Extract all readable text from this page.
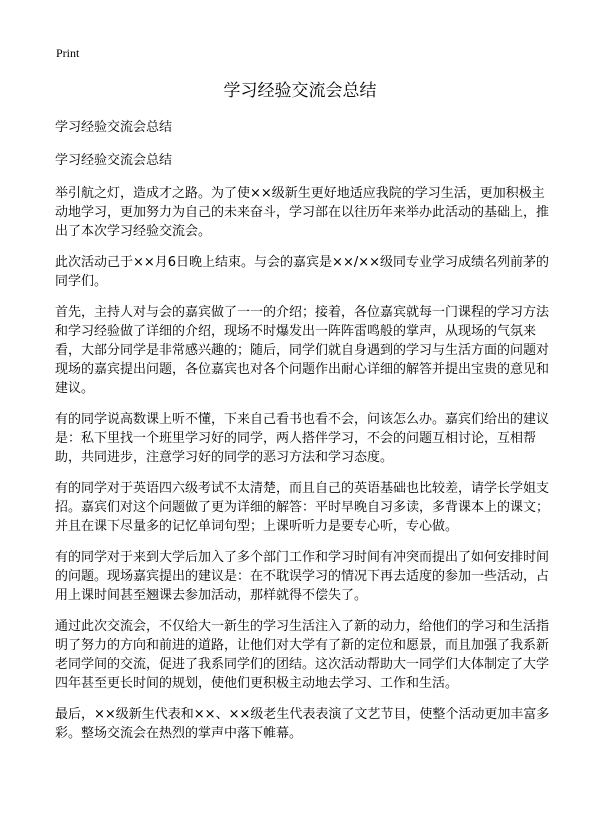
Print
学习经验交流会总结

学习经验交流会总结

学习经验交流会总结

举引航之灯，造成才之路。为了使××级新生更好地适应我院的学习生活，更加积极主动地学习，更加努力为自己的未来奋斗，学习部在以往历年来举办此活动的基础上，推出了本次学习经验交流会。

此次活动己于××月6日晚上结束。与会的嘉宾是××/××级同专业学习成绩名列前茅的同学们。

首先，主持人对与会的嘉宾做了一一的介绍；接着，各位嘉宾就每一门课程的学习方法和学习经验做了详细的介绍，现场不时爆发出一阵阵雷鸣般的掌声，从现场的气氛来看，大部分同学是非常感兴趣的；随后，同学们就自身遇到的学习与生活方面的问题对现场的嘉宾提出问题，各位嘉宾也对各个问题作出耐心详细的解答并提出宝贵的意见和建议。

有的同学说高数课上听不懂，下来自己看书也看不会，问该怎么办。嘉宾们给出的建议是：私下里找一个班里学习好的同学，两人搭伴学习，不会的问题互相讨论，互相帮助，共同进步，注意学习好的同学的恶习方法和学习态度。

有的同学对于英语四六级考试不太清楚，而且自己的英语基础也比较差，请学长学姐支招。嘉宾们对这个问题做了更为详细的解答：平时早晚自习多读，多背课本上的课文；并且在课下尽量多的记忆单词句型；上课听听力是要专心听，专心做。

有的同学对于来到大学后加入了多个部门工作和学习时间有冲突而提出了如何安排时间的问题。现场嘉宾提出的建议是：在不耽误学习的情况下再去适度的参加一些活动，占用上课时间甚至翘课去参加活动，那样就得不偿失了。

通过此次交流会，不仅给大一新生的学习生活注入了新的动力，给他们的学习和生活指明了努力的方向和前进的道路，让他们对大学有了新的定位和愿景，而且加强了我系新老同学间的交流，促进了我系同学们的团结。这次活动帮助大一同学们大体制定了大学四年甚至更长时间的规划，使他们更积极主动地去学习、工作和生活。

最后，××级新生代表和××、××级老生代表表演了文艺节目，使整个活动更加丰富多彩。整场交流会在热烈的掌声中落下帷幕。
